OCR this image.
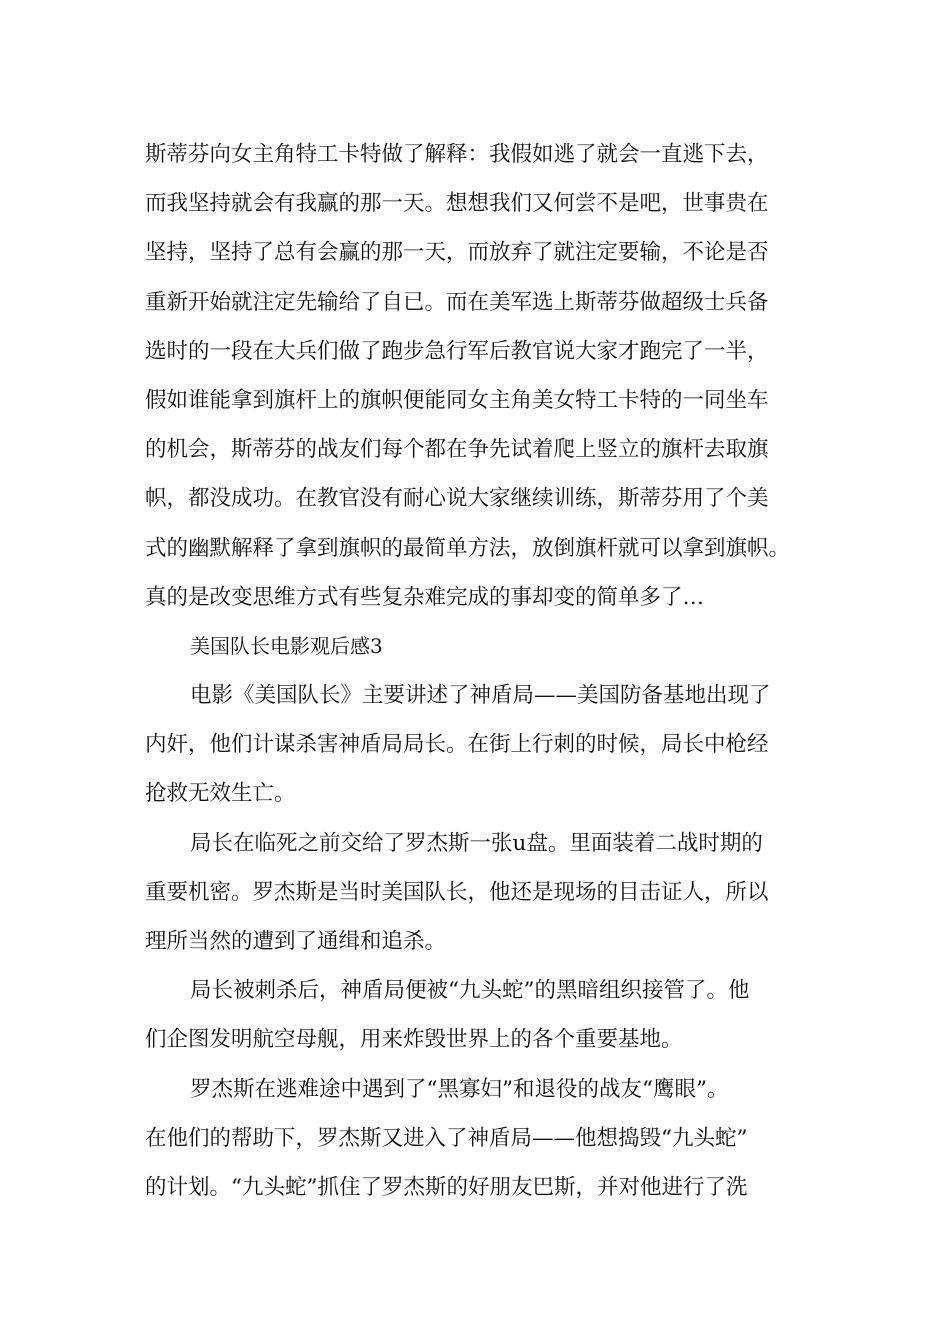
斯蒂芬向女主角特工卡特做了解释：我假如逃了就会一直逃下去，
而我坚持就会有我赢的那一天。想想我们又何尝不是吧，世事贵在
坚持，坚持了总有会赢的那一天，而放弃了就注定要输，不论是否
重新开始就注定先输给了自已。而在美军选上斯蒂芬做超级士兵备
选时的一段在大兵们做了跑步急行军后教官说大家才跑完了一半，
假如谁能拿到旗杆上的旗帜便能同女主角美女特工卡特的一同坐车
的机会，斯蒂芬的战友们每个都在争先试着爬上竖立的旗杆去取旗
帜，都没成功。在教官没有耐心说大家继续训练，斯蒂芬用了个美
式的幽默解释了拿到旗帜的最简单方法，放倒旗杆就可以拿到旗帜。
真的是改变思维方式有些复杂难完成的事却变的简单多了…
美国队长电影观后感3
电影《美国队长》主要讲述了神盾局——美国防备基地出现了
内奸，他们计谋杀害神盾局局长。在街上行刺的时候，局长中枪经
抢救无效生亡。
局长在临死之前交给了罗杰斯一张u盘。里面装着二战时期的
重要机密。罗杰斯是当时美国队长，他还是现场的目击证人，所以
理所当然的遭到了通缉和追杀。
局长被刺杀后，神盾局便被“九头蛇”的黑暗组织接管了。他
们企图发明航空母舰，用来炸毁世界上的各个重要基地。
罗杰斯在逃难途中遇到了“黑寡妇”和退役的战友“鹰眼”。
在他们的帮助下，罗杰斯又进入了神盾局——他想捣毁“九头蛇”
的计划。“九头蛇”抓住了罗杰斯的好朋友巴斯，并对他进行了洗
